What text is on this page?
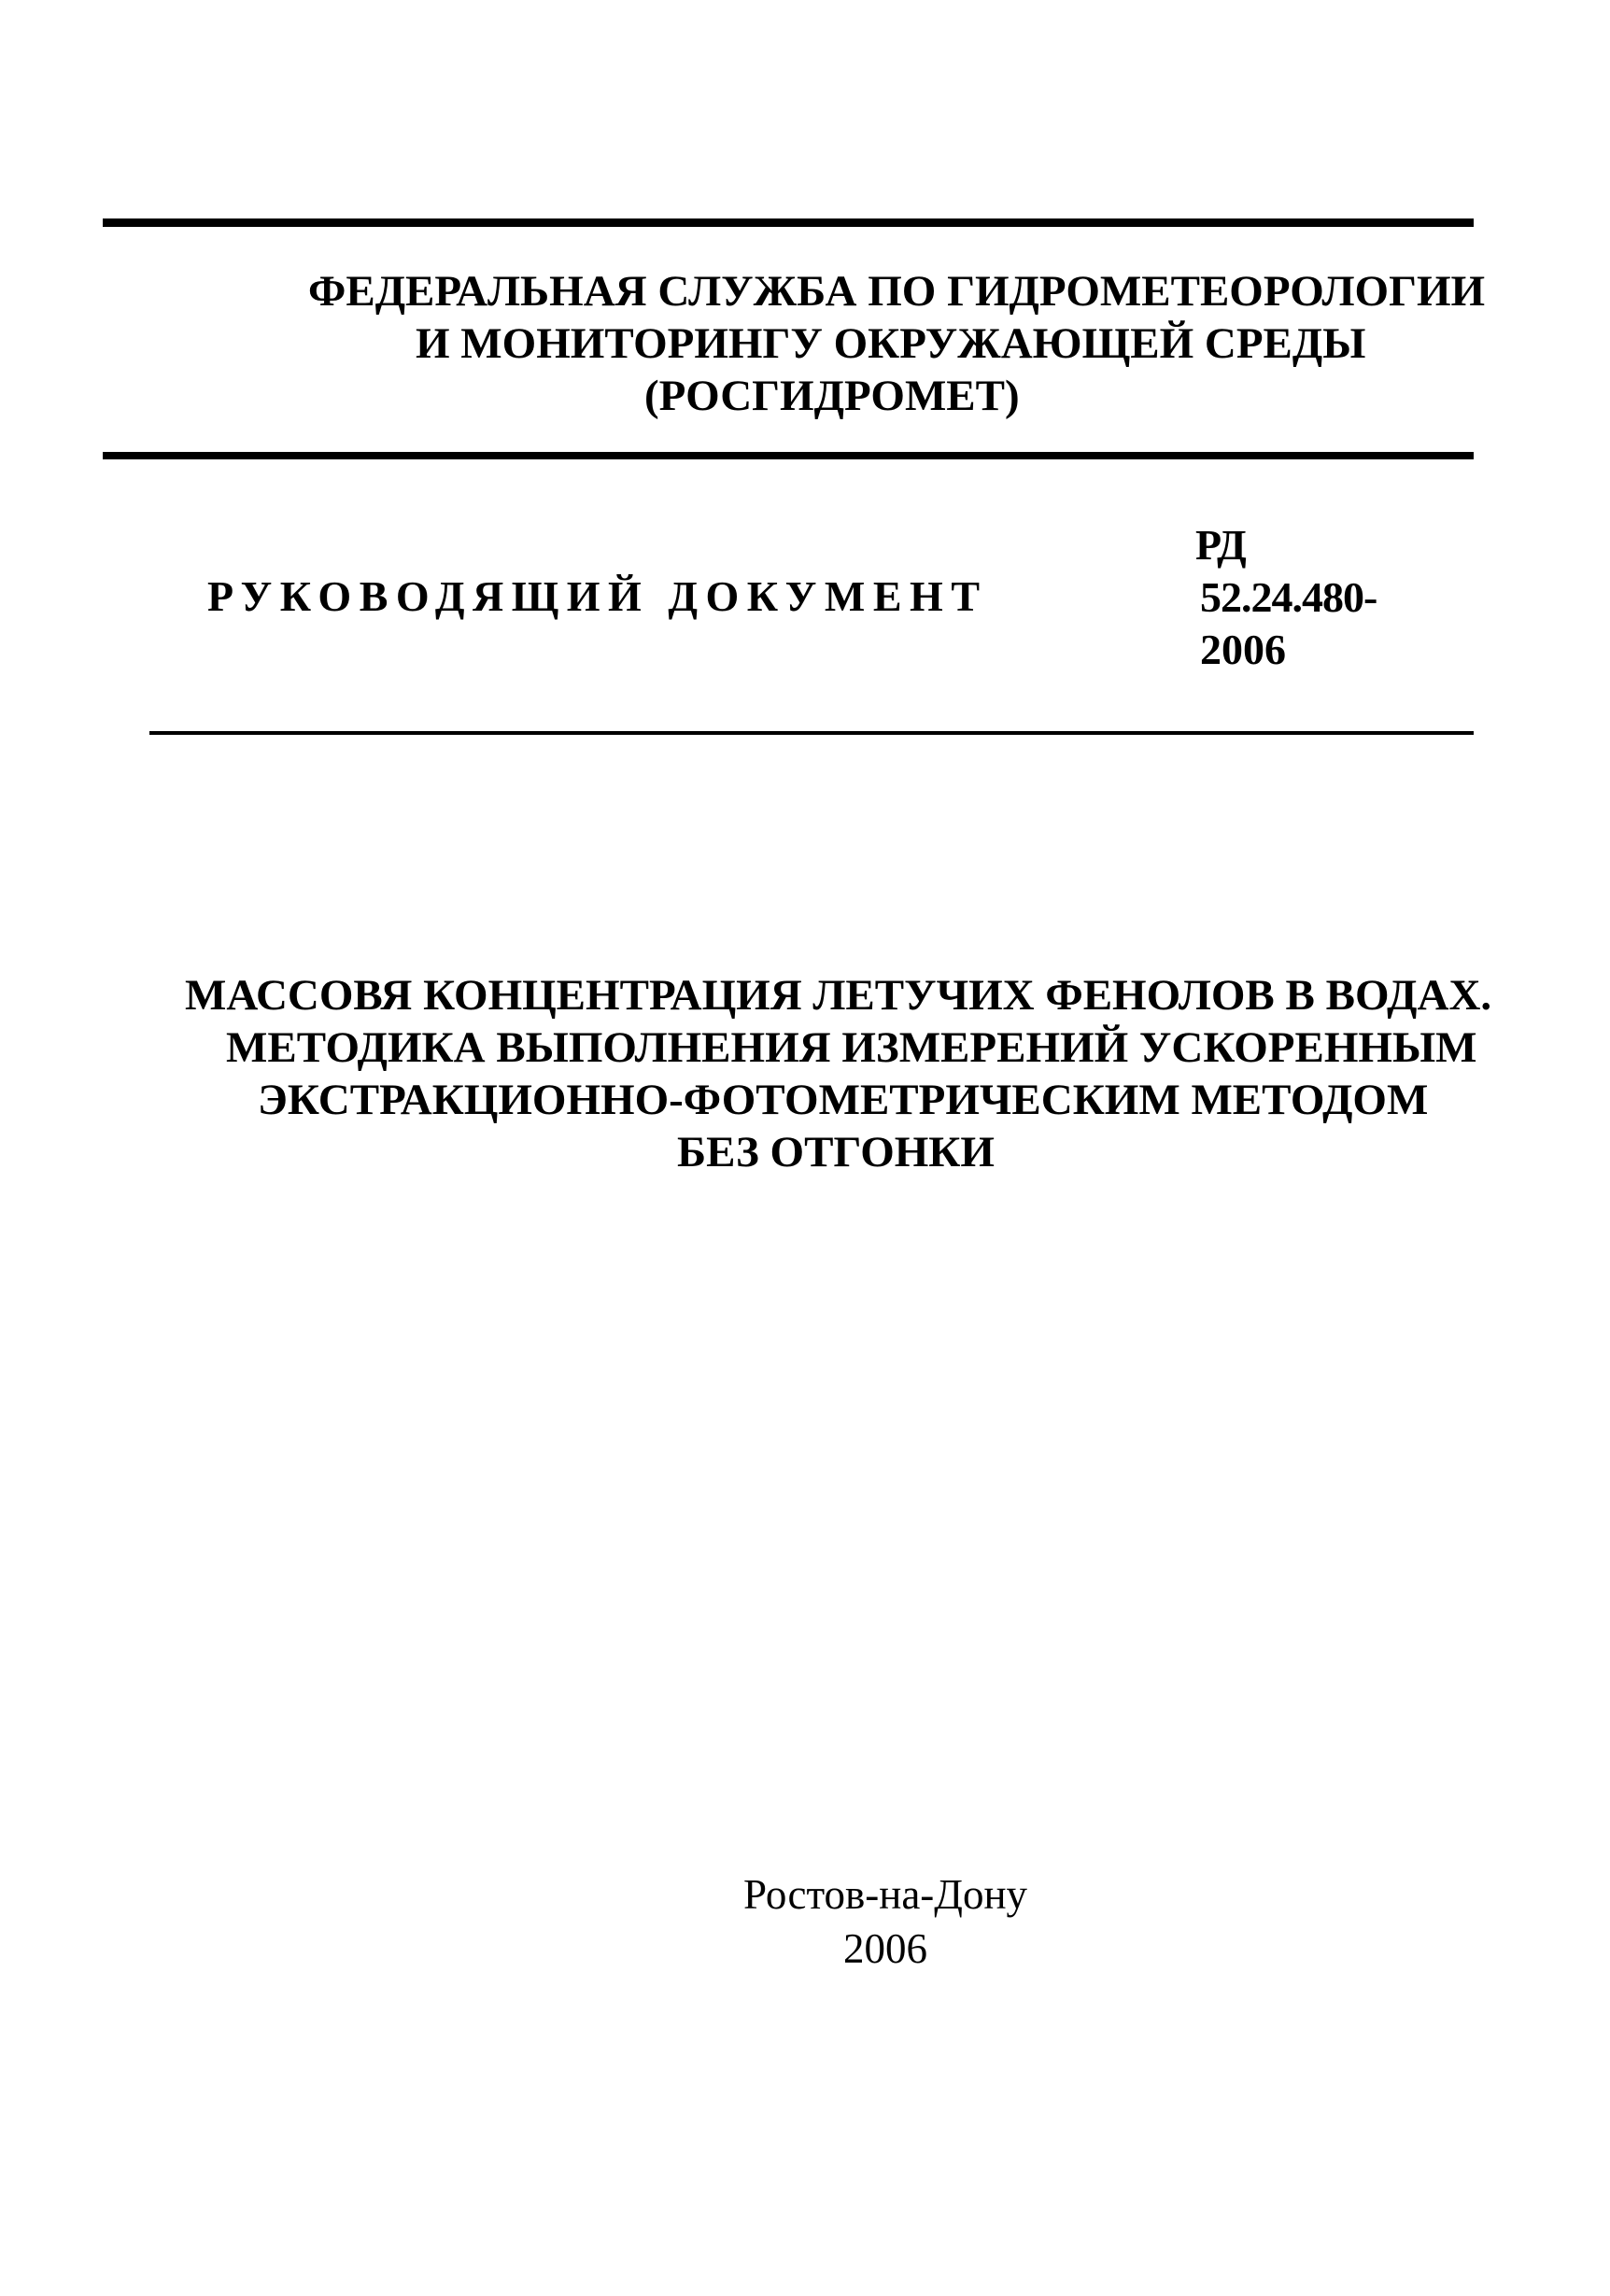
ФЕДЕРАЛЬНАЯ СЛУЖБА ПО ГИДРОМЕТЕОРОЛОГИИ
И МОНИТОРИНГУ ОКРУЖАЮЩЕЙ СРЕДЫ
(РОСГИДРОМЕТ)
РУКОВОДЯЩИЙ ДОКУМЕНТ
РД
52.24.480-
2006
МАССОВЯ КОНЦЕНТРАЦИЯ ЛЕТУЧИХ ФЕНОЛОВ В ВОДАХ.
МЕТОДИКА ВЫПОЛНЕНИЯ ИЗМЕРЕНИЙ УСКОРЕННЫМ
ЭКСТРАКЦИОННО-ФОТОМЕТРИЧЕСКИМ МЕТОДОМ
БЕЗ ОТГОНКИ
Ростов-на-Дону
2006
